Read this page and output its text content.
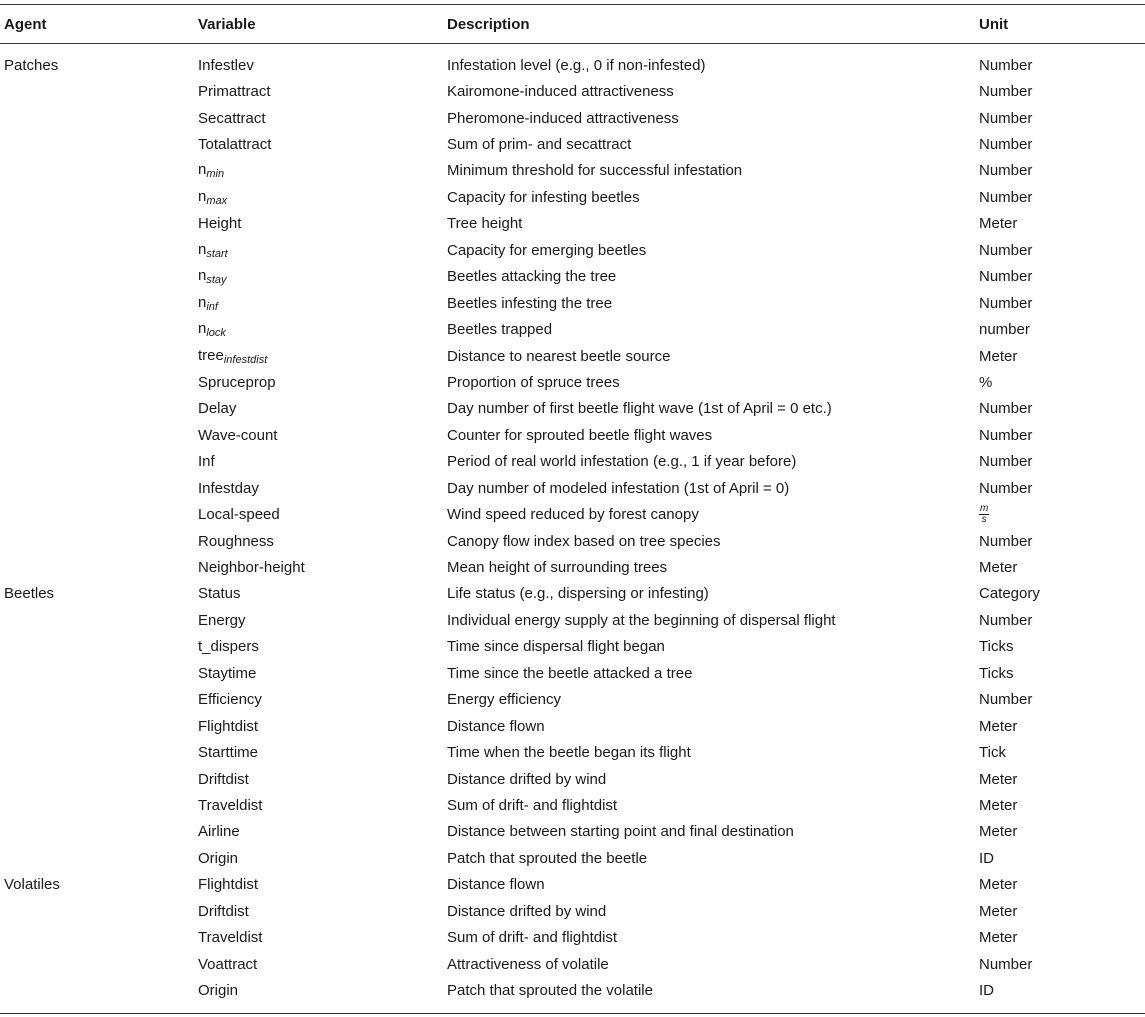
Agent	Variable	Description	Unit
Patches	Infestlev	Infestation level (e.g., 0 if non-infested)	Number
	Primattract	Kairomone-induced attractiveness	Number
	Secattract	Pheromone-induced attractiveness	Number
	Totalattract	Sum of prim- and secattract	Number
	$n_{min}$	Minimum threshold for successful infestation	Number
	$n_{max}$	Capacity for infesting beetles	Number
	Height	Tree height	Meter
	$n_{start}$	Capacity for emerging beetles	Number
	$n_{stay}$	Beetles attacking the tree	Number
	$n_{inf}$	Beetles infesting the tree	Number
	$n_{lock}$	Beetles trapped	number
	tree$_{infestdist}$	Distance to nearest beetle source	Meter
	Spruceprop	Proportion of spruce trees	%
	Delay	Day number of first beetle flight wave (1st of April = 0 etc.)	Number
	Wave-count	Counter for sprouted beetle flight waves	Number
	Inf	Period of real world infestation (e.g., 1 if year before)	Number
	Infestday	Day number of modeled infestation (1st of April = 0)	Number
	Local-speed	Wind speed reduced by forest canopy	$\frac{m}{s}$

	Roughness	Canopy flow index based on tree species	Number
	Neighbor-height	Mean height of surrounding trees	Meter
Beetles	Status	Life status (e.g., dispersing or infesting)	Category
	Energy	Individual energy supply at the beginning of dispersal flight	Number
	t_dispers	Time since dispersal flight began	Ticks
	Staytime	Time since the beetle attacked a tree	Ticks
	Efficiency	Energy efficiency	Number
	Flightdist	Distance flown	Meter
	Starttime	Time when the beetle began its flight	Tick
	Driftdist	Distance drifted by wind	Meter
	Traveldist	Sum of drift- and flightdist	Meter
	Airline	Distance between starting point and final destination	Meter
	Origin	Patch that sprouted the beetle	ID
Volatiles	Flightdist	Distance flown	Meter
	Driftdist	Distance drifted by wind	Meter
	Traveldist	Sum of drift- and flightdist	Meter
	Voattract	Attractiveness of volatile	Number
	Origin	Patch that sprouted the volatile	ID
